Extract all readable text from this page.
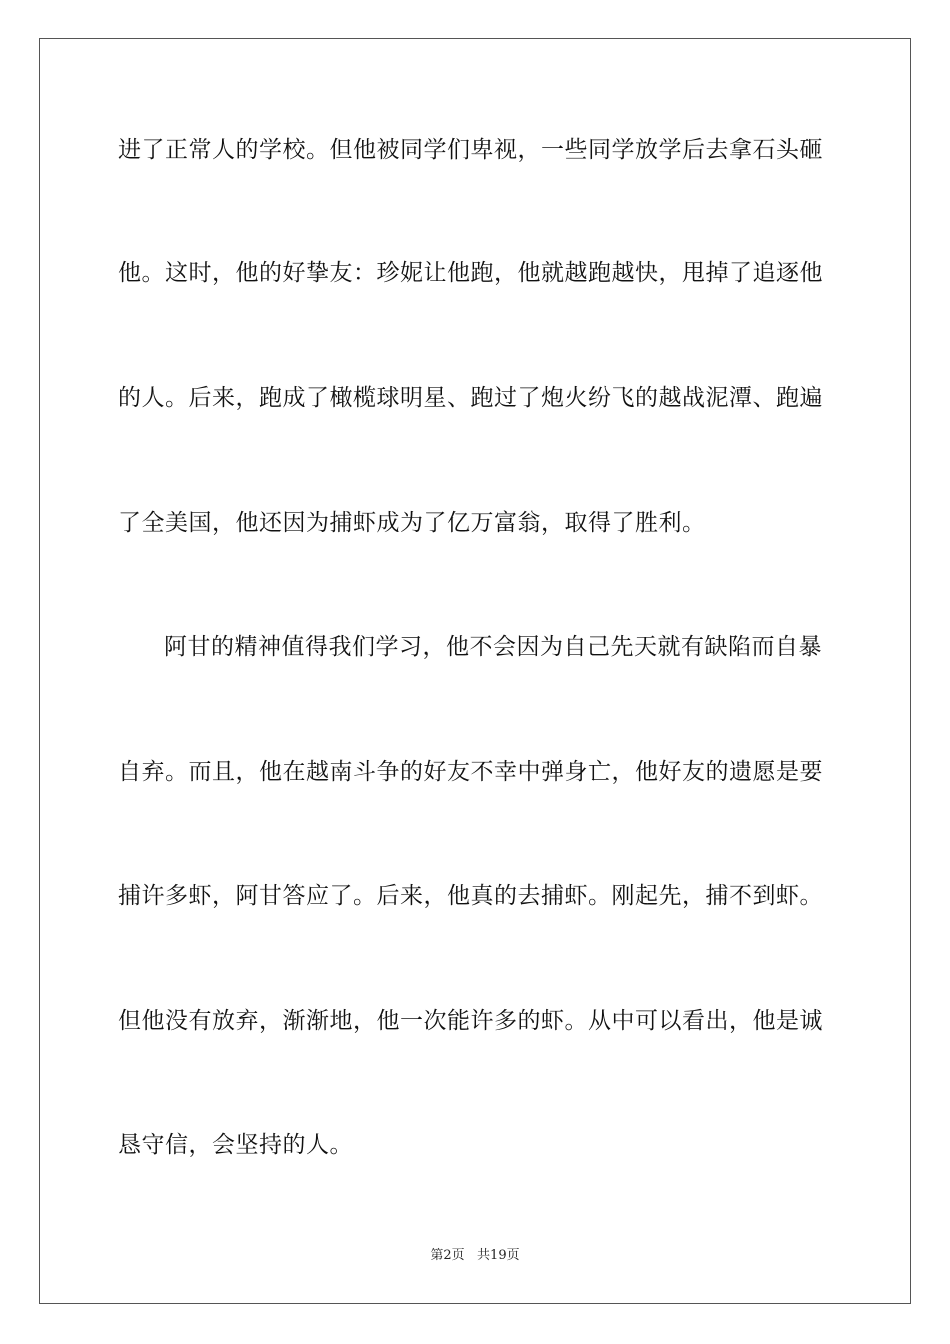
进了正常人的学校。但他被同学们卑视，一些同学放学后去拿石头砸
他。这时，他的好挚友：珍妮让他跑，他就越跑越快，甩掉了追逐他
的人。后来，跑成了橄榄球明星、跑过了炮火纷飞的越战泥潭、跑遍
了全美国，他还因为捕虾成为了亿万富翁，取得了胜利。
阿甘的精神值得我们学习，他不会因为自己先天就有缺陷而自暴
自弃。而且，他在越南斗争的好友不幸中弹身亡，他好友的遗愿是要
捕许多虾，阿甘答应了。后来，他真的去捕虾。刚起先，捕不到虾。
但他没有放弃，渐渐地，他一次能许多的虾。从中可以看出，他是诚
恳守信，会坚持的人。
第2页   共19页
